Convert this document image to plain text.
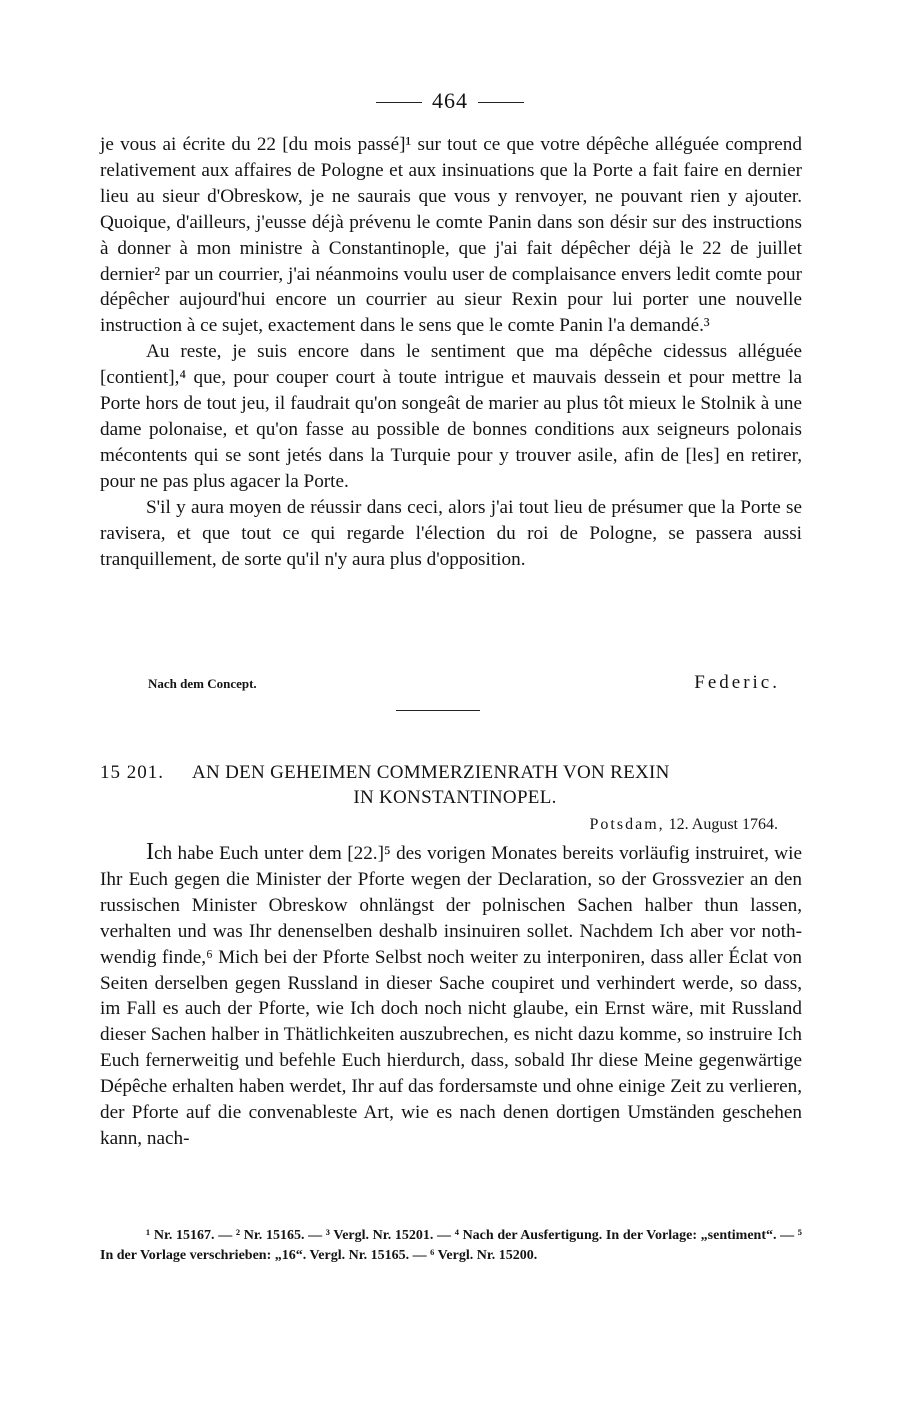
464

je vous ai écrite du 22 [du mois passé]¹ sur tout ce que votre dépêche alléguée comprend relativement aux affaires de Pologne et aux insinuations que la Porte a fait faire en dernier lieu au sieur d'Obreskow, je ne saurais que vous y renvoyer, ne pouvant rien y ajouter. Quoique, d'ailleurs, j'eusse déjà prévenu le comte Panin dans son désir sur des instructions à donner à mon ministre à Constantinople, que j'ai fait dépêcher déjà le 22 de juillet dernier² par un courrier, j'ai néanmoins voulu user de complaisance envers ledit comte pour dépêcher aujourd'hui encore un courrier au sieur Rexin pour lui porter une nouvelle instruction à ce sujet, exactement dans le sens que le comte Panin l'a demandé.³

Au reste, je suis encore dans le sentiment que ma dépêche cidessus alléguée [contient],⁴ que, pour couper court à toute intrigue et mauvais dessein et pour mettre la Porte hors de tout jeu, il faudrait qu'on songeât de marier au plus tôt mieux le Stolnik à une dame polonaise, et qu'on fasse au possible de bonnes conditions aux seigneurs polonais mécontents qui se sont jetés dans la Turquie pour y trouver asile, afin de [les] en retirer, pour ne pas plus agacer la Porte.

S'il y aura moyen de réussir dans ceci, alors j'ai tout lieu de présumer que la Porte se ravisera, et que tout ce qui regarde l'élection du roi de Pologne, se passera aussi tranquillement, de sorte qu'il n'y aura plus d'opposition.

Nach dem Concept.	Federic.
15 201. AN DEN GEHEIMEN COMMERZIENRATH VON REXIN
IN KONSTANTINOPEL.
Potsdam, 12. August 1764.

Ich habe Euch unter dem [22.]⁵ des vorigen Monates bereits vorläufig instruiret, wie Ihr Euch gegen die Minister der Pforte wegen der Declaration, so der Grossvezier an den russischen Minister Obreskow ohnlängst der polnischen Sachen halber thun lassen, verhalten und was Ihr denenselben deshalb insinuiren sollet. Nachdem Ich aber vor nothwendig finde,⁶ Mich bei der Pforte Selbst noch weiter zu interponiren, dass aller Éclat von Seiten derselben gegen Russland in dieser Sache coupiret und verhindert werde, so dass, im Fall es auch der Pforte, wie Ich doch noch nicht glaube, ein Ernst wäre, mit Russland dieser Sachen halber in Thätlichkeiten auszubrechen, es nicht dazu komme, so instruire Ich Euch fernerweitig und befehle Euch hierdurch, dass, sobald Ihr diese Meine gegenwärtige Dépêche erhalten haben werdet, Ihr auf das fordersamste und ohne einige Zeit zu verlieren, der Pforte auf die convenableste Art, wie es nach denen dortigen Umständen geschehen kann, nach-

¹ Nr. 15167. — ² Nr. 15165. — ³ Vergl. Nr. 15201. — ⁴ Nach der Ausfertigung. In der Vorlage: „sentiment“. — ⁵ In der Vorlage verschrieben: „16“. Vergl. Nr. 15165. — ⁶ Vergl. Nr. 15200.
